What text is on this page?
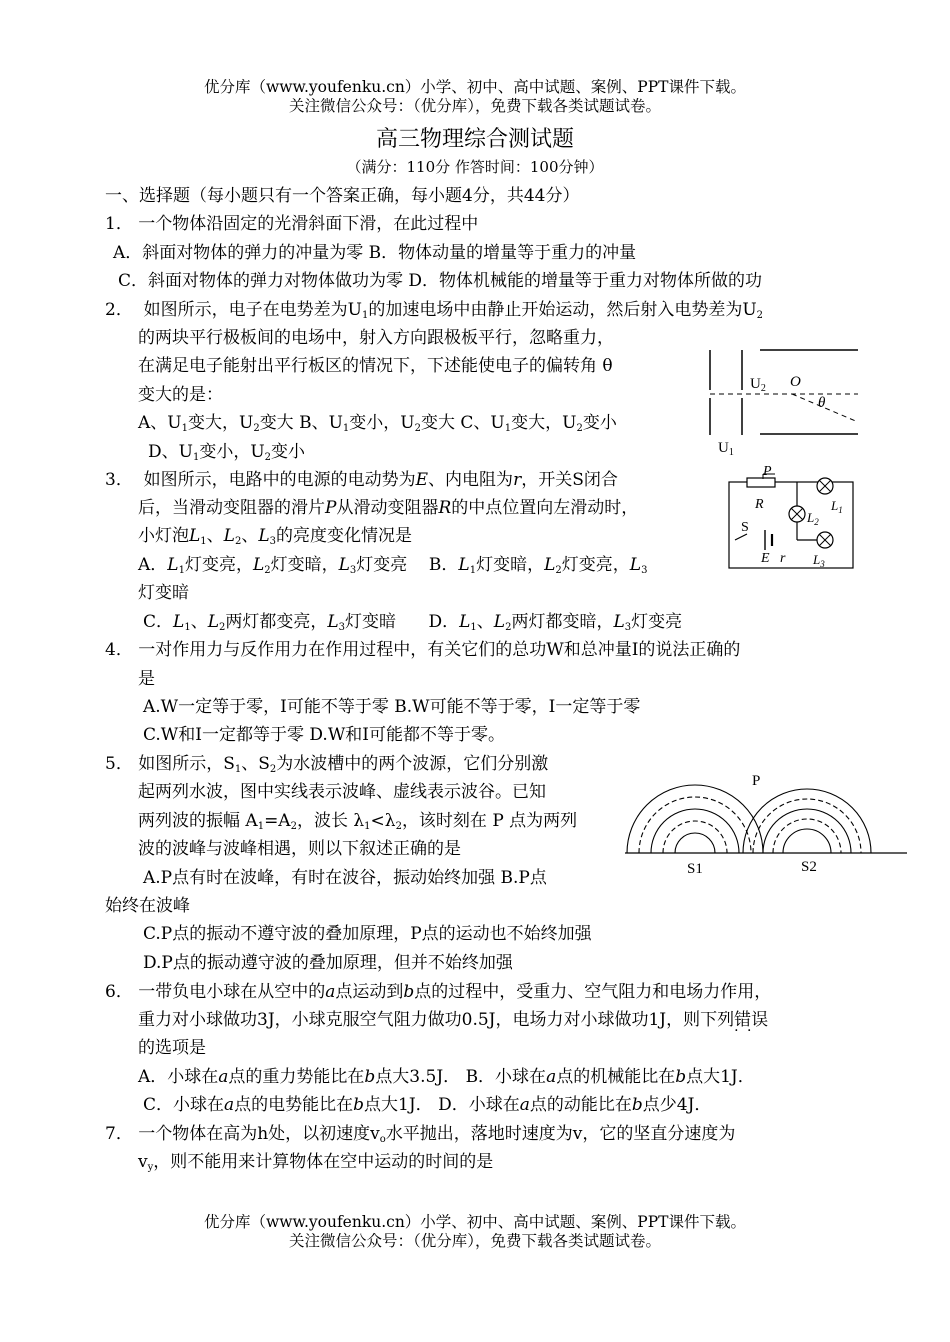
优分库（www.youfenku.cn）小学、初中、高中试题、案例、PPT课件下载。
关注微信公众号：（优分库），免费下载各类试题试卷。
高三物理综合测试题
（满分：110分 作答时间：100分钟）
一、选择题（每小题只有一个答案正确，每小题4分，共44分）
1． 一个物体沿固定的光滑斜面下滑，在此过程中
A．斜面对物体的弹力的冲量为零 B．物体动量的增量等于重力的冲量
C．斜面对物体的弹力对物体做功为零 D．物体机械能的增量等于重力对物体所做的功
2． 如图所示，电子在电势差为$U_1$的加速电场中由静止开始运动，然后射入电势差为$U_2$
的两块平行极板间的电场中，射入方向跟极板平行，忽略重力，
在满足电子能射出平行板区的情况下，下述能使电子的偏转角 θ
变大的是：
A、$U_1$变大，$U_2$变大 B、$U_1$变小，$U_2$变大 C、$U_1$变大，$U_2$变小
D、$U_1$变小，$U_2$变小
$U_2$ O
θ
$U_1$
3． 如图所示，电路中的电源的电动势为E、内电阻为r，开关S闭合
后，当滑动变阻器的滑片P从滑动变阻器R的中点位置向左滑动时，
小灯泡$L_1$、$L_2$、$L_3$的亮度变化情况是
A．$L_1$灯变亮，$L_2$灯变暗，$L_3$灯变亮 B．$L_1$灯变暗，$L_2$灯变亮，$L_3$
灯变暗
C．$L_1$、$L_2$两灯都变亮，$L_3$灯变暗 D．$L_1$、$L_2$两灯都变暗，$L_3$灯变亮
P
R	$L_1$
$L_2$
$L_3$
S
E r
4． 一对作用力与反作用力在作用过程中，有关它们的总功W和总冲量I的说法正确的
是
A.W一定等于零，I可能不等于零 B.W可能不等于零，I一定等于零
C.W和I一定都等于零 D.W和I可能都不等于零。
5． 如图所示，$S_1$、$S_2$为水波槽中的两个波源，它们分别激
起两列水波，图中实线表示波峰、虚线表示波谷。已知
两列波的振幅 $A_1=A_2$，波长 $\lambda_1<\lambda_2$，该时刻在 P 点为两列
波的波峰与波峰相遇，则以下叙述正确的是
A.P点有时在波峰，有时在波谷，振动始终加强 B.P点
始终在波峰
C.P点的振动不遵守波的叠加原理，P点的运动也不始终加强
D.P点的振动遵守波的叠加原理，但并不始终加强
P
S1	S2
6． 一带负电小球在从空中的a点运动到b点的过程中，受重力、空气阻力和电场力作用，
重力对小球做功3J，小球克服空气阻力做功0.5J，电场力对小球做功1J，则下列错误 · ·
的选项是
A．小球在a点的重力势能比在b点大3.5J． B．小球在a点的机械能比在b点大1J．
C．小球在a点的电势能比在b点大1J． D．小球在a点的动能比在b点少4J．
7． 一个物体在高为h处，以初速度$v_o$水平抛出，落地时速度为v，它的坚直分速度为
$v_y$，则不能用来计算物体在空中运动的时间的是
优分库（www.youfenku.cn）小学、初中、高中试题、案例、PPT课件下载。
关注微信公众号：（优分库），免费下载各类试题试卷。
